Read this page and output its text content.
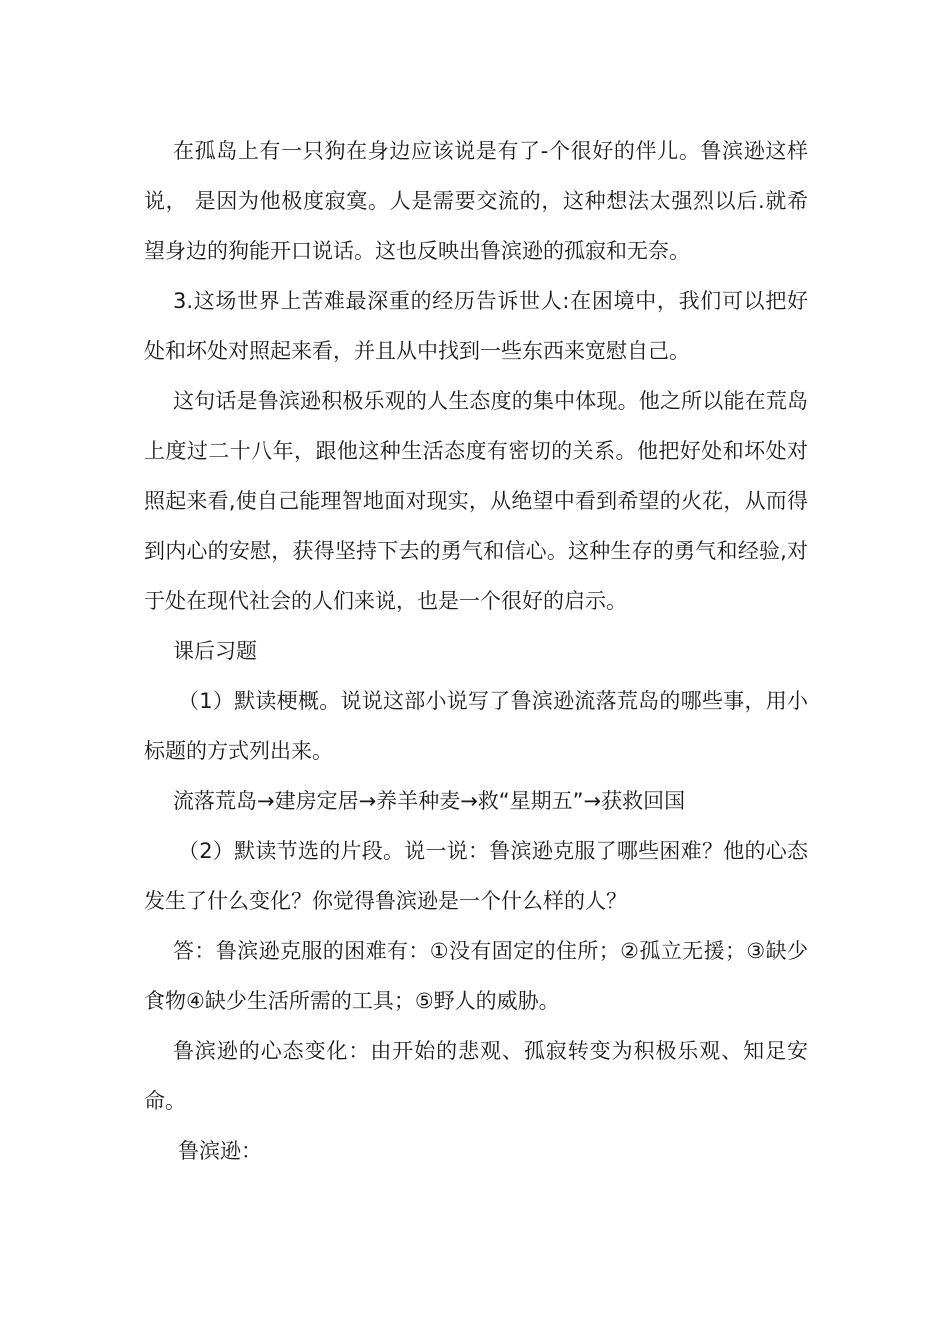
在孤岛上有一只狗在身边应该说是有了-个很好的伴儿。鲁滨逊这样说， 是因为他极度寂寞。人是需要交流的，这种想法太强烈以后.就希望身边的狗能开口说话。这也反映出鲁滨逊的孤寂和无奈。

3.这场世界上苦难最深重的经历告诉世人:在困境中，我们可以把好处和坏处对照起来看，并且从中找到一些东西来宽慰自己。

这句话是鲁滨逊积极乐观的人生态度的集中体现。他之所以能在荒岛上度过二十八年，跟他这种生活态度有密切的关系。他把好处和坏处对照起来看,使自己能理智地面对现实，从绝望中看到希望的火花，从而得到内心的安慰，获得坚持下去的勇气和信心。这种生存的勇气和经验,对于处在现代社会的人们来说，也是一个很好的启示。

课后习题

（1）默读梗概。说说这部小说写了鲁滨逊流落荒岛的哪些事，用小标题的方式列出来。

流落荒岛→建房定居→养羊种麦→救“星期五”→获救回国

（2）默读节选的片段。说一说：鲁滨逊克服了哪些困难？他的心态发生了什么变化？你觉得鲁滨逊是一个什么样的人？

答：鲁滨逊克服的困难有：①没有固定的住所；②孤立无援；③缺少食物④缺少生活所需的工具；⑤野人的威胁。

鲁滨逊的心态变化：由开始的悲观、孤寂转变为积极乐观、知足安命。

鲁滨逊：
